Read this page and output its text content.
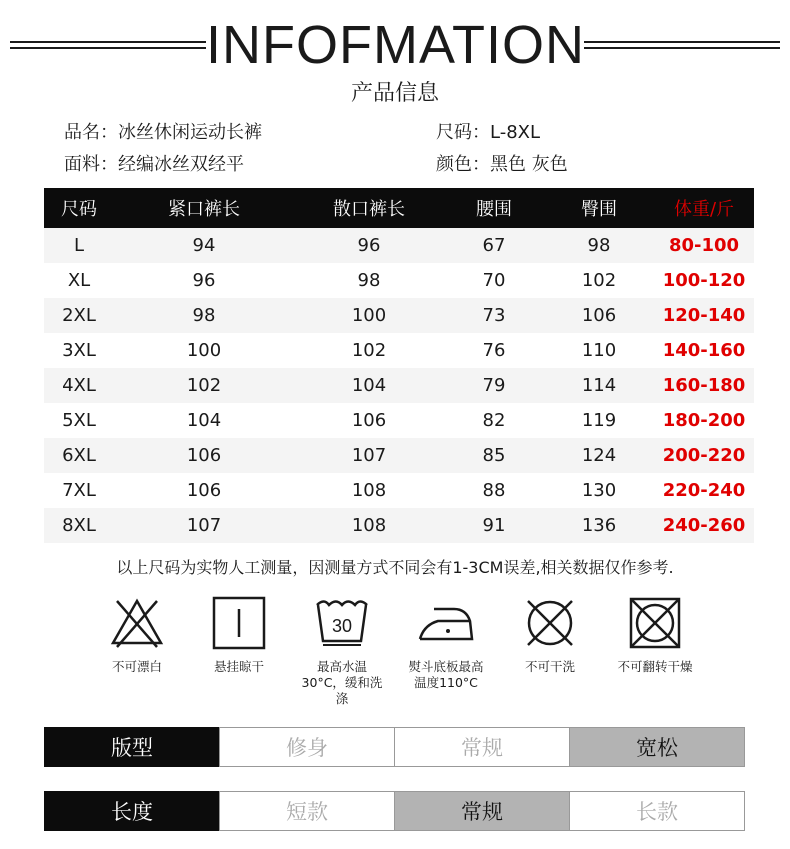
INFOFMATION
产品信息
品名 ： 冰丝休闲运动长裤	尺码 ： L-8XL
面料 ： 经编冰丝双经平	颜色 ： 黑色 灰色
尺码	紧口裤长	散口裤长	腰围	臀围	体重/斤
L	94	96	67	98	80-100
XL	96	98	70	102	100-120
2XL	98	100	73	106	120-140
3XL	100	102	76	110	140-160
4XL	102	104	79	114	160-180
5XL	104	106	82	119	180-200
6XL	106	107	85	124	200-220
7XL	106	108	88	130	220-240
8XL	107	108	91	136	240-260
以上尺码为实物人工测量，因测量方式不同会有1-3CM误差,相关数据仅作参考.
不可漂白	悬挂晾干
30
最高水温30°C，缓和洗涤
熨斗底板最高温度110°C
不可干洗	不可翻转干燥
版型	修身	常规	宽松
长度	短款	常规	长款
